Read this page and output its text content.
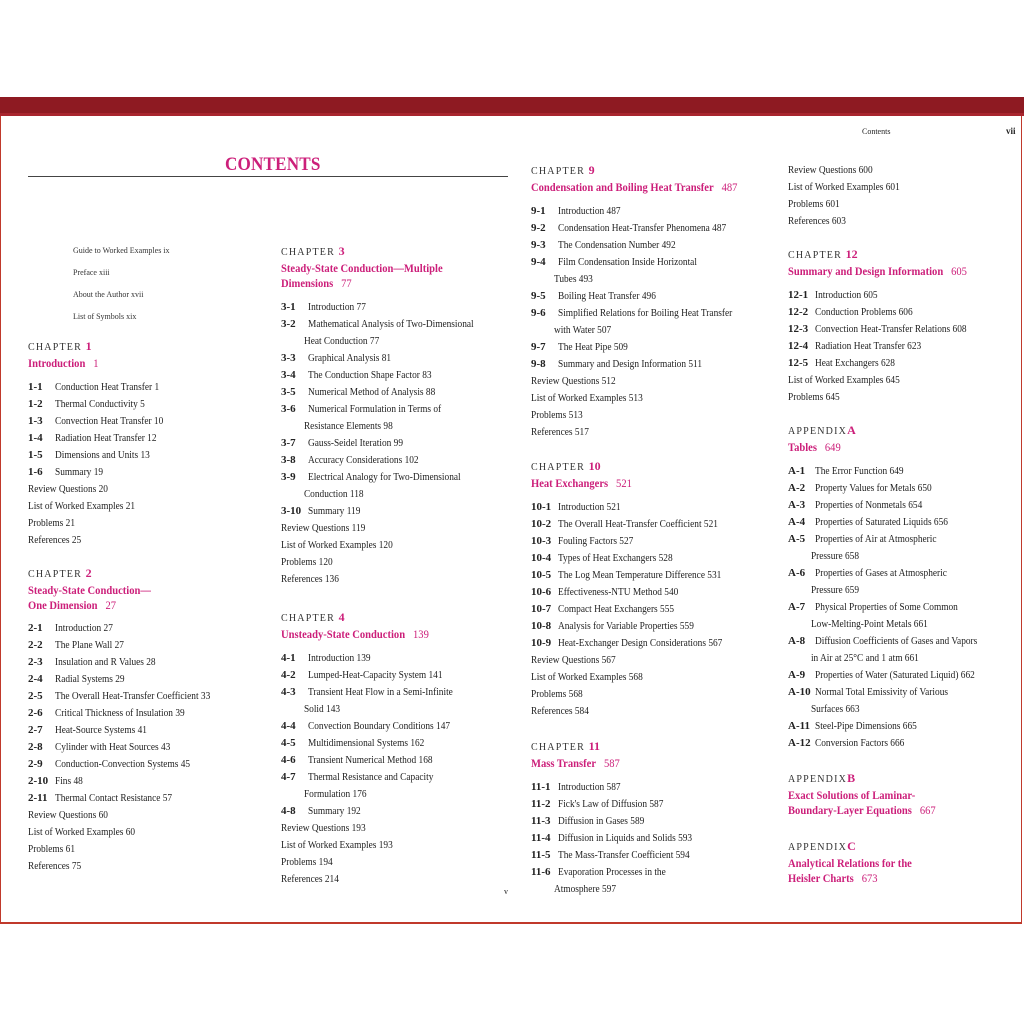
Contents	vii
CONTENTS
v
Guide to Worked Examples ix
Preface xiii
About the Author xvii
List of Symbols xix
CHAPTER 1
Introduction 1
1-1 Conduction Heat Transfer 1
1-2 Thermal Conductivity 5
1-3 Convection Heat Transfer 10
1-4 Radiation Heat Transfer 12
1-5 Dimensions and Units 13
1-6 Summary 19
Review Questions 20
List of Worked Examples 21
Problems 21
References 25
CHAPTER 2
Steady-State Conduction—
One Dimension 27
2-1 Introduction 27
2-2 The Plane Wall 27
2-3 Insulation and R Values 28
2-4 Radial Systems 29
2-5 The Overall Heat-Transfer Coefficient 33
2-6 Critical Thickness of Insulation 39
2-7 Heat-Source Systems 41
2-8 Cylinder with Heat Sources 43
2-9 Conduction-Convection Systems 45
2-10 Fins 48
2-11 Thermal Contact Resistance 57
Review Questions 60
List of Worked Examples 60
Problems 61
References 75
CHAPTER 3
Steady-State Conduction—Multiple
Dimensions 77
3-1 Introduction 77
3-2 Mathematical Analysis of Two-Dimensional
Heat Conduction 77
3-3 Graphical Analysis 81
3-4 The Conduction Shape Factor 83
3-5 Numerical Method of Analysis 88
3-6 Numerical Formulation in Terms of
Resistance Elements 98
3-7 Gauss-Seidel Iteration 99
3-8 Accuracy Considerations 102
3-9 Electrical Analogy for Two-Dimensional
Conduction 118
3-10 Summary 119
Review Questions 119
List of Worked Examples 120
Problems 120
References 136
CHAPTER 4
Unsteady-State Conduction 139
4-1 Introduction 139
4-2 Lumped-Heat-Capacity System 141
4-3 Transient Heat Flow in a Semi-Infinite
Solid 143
4-4 Convection Boundary Conditions 147
4-5 Multidimensional Systems 162
4-6 Transient Numerical Method 168
4-7 Thermal Resistance and Capacity
Formulation 176
4-8 Summary 192
Review Questions 193
List of Worked Examples 193
Problems 194
References 214
CHAPTER 9
Condensation and Boiling Heat Transfer 487
9-1 Introduction 487
9-2 Condensation Heat-Transfer Phenomena 487
9-3 The Condensation Number 492
9-4 Film Condensation Inside Horizontal
Tubes 493
9-5 Boiling Heat Transfer 496
9-6 Simplified Relations for Boiling Heat Transfer
with Water 507
9-7 The Heat Pipe 509
9-8 Summary and Design Information 511
Review Questions 512
List of Worked Examples 513
Problems 513
References 517
CHAPTER 10
Heat Exchangers 521
10-1 Introduction 521
10-2 The Overall Heat-Transfer Coefficient 521
10-3 Fouling Factors 527
10-4 Types of Heat Exchangers 528
10-5 The Log Mean Temperature Difference 531
10-6 Effectiveness-NTU Method 540
10-7 Compact Heat Exchangers 555
10-8 Analysis for Variable Properties 559
10-9 Heat-Exchanger Design Considerations 567
Review Questions 567
List of Worked Examples 568
Problems 568
References 584
CHAPTER 11
Mass Transfer 587
11-1 Introduction 587
11-2 Fick's Law of Diffusion 587
11-3 Diffusion in Gases 589
11-4 Diffusion in Liquids and Solids 593
11-5 The Mass-Transfer Coefficient 594
11-6 Evaporation Processes in the
Atmosphere 597
Review Questions 600
List of Worked Examples 601
Problems 601
References 603
CHAPTER 12
Summary and Design Information 605
12-1 Introduction 605
12-2 Conduction Problems 606
12-3 Convection Heat-Transfer Relations 608
12-4 Radiation Heat Transfer 623
12-5 Heat Exchangers 628
List of Worked Examples 645
Problems 645
APPENDIXA
Tables 649
A-1 The Error Function 649
A-2 Property Values for Metals 650
A-3 Properties of Nonmetals 654
A-4 Properties of Saturated Liquids 656
A-5 Properties of Air at Atmospheric
Pressure 658
A-6 Properties of Gases at Atmospheric
Pressure 659
A-7 Physical Properties of Some Common
Low-Melting-Point Metals 661
A-8 Diffusion Coefficients of Gases and Vapors
in Air at 25°C and 1 atm 661
A-9 Properties of Water (Saturated Liquid) 662
A-10 Normal Total Emissivity of Various
Surfaces 663
A-11 Steel-Pipe Dimensions 665
A-12 Conversion Factors 666
APPENDIXB
Exact Solutions of Laminar-
Boundary-Layer Equations 667
APPENDIXC
Analytical Relations for the
Heisler Charts 673
